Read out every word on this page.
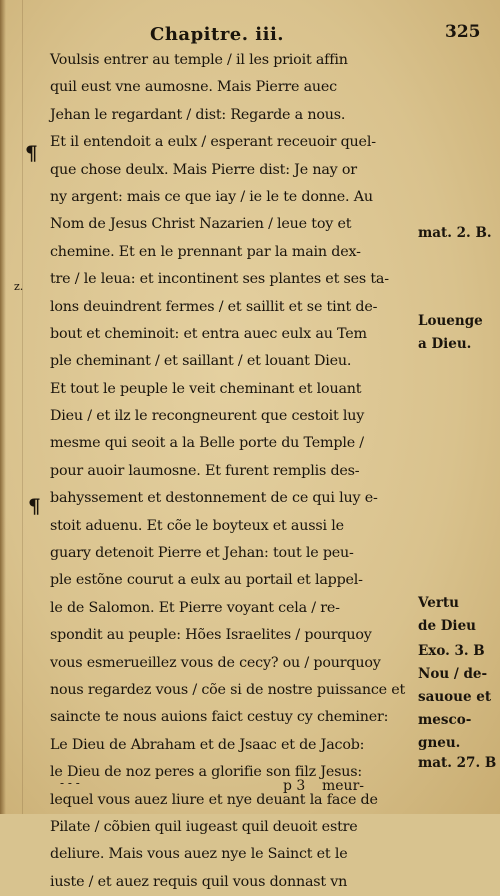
Chapitre. iii.	325
¶
z.
¶
Voulsis entrer au temple / il les prioit affin
quil eust vne aumosne. Mais Pierre auec
Jehan le regardant / dist: Regarde a nous.
Et il entendoit a eulx / esperant receuoir quel-
que chose deulx. Mais Pierre dist: Je nay or
ny argent: mais ce que iay / ie le te donne. Au
Nom de Jesus Christ Nazarien / leue toy et
chemine. Et en le prennant par la main dex-
tre / le leua: et incontinent ses plantes et ses ta-
lons deuindrent fermes / et saillit et se tint de-
bout et cheminoit: et entra auec eulx au Tem
ple cheminant / et saillant / et louant Dieu.
Et tout le peuple le veit cheminant et louant
Dieu / et ilz le recongneurent que cestoit luy
mesme qui seoit a la Belle porte du Temple /
pour auoir laumosne. Et furent remplis des-
bahyssement et destonnement de ce qui luy e-
stoit aduenu. Et cõe le boyteux et aussi le
guary detenoit Pierre et Jehan: tout le peu-
ple estõne courut a eulx au portail et lappel-
le de Salomon. Et Pierre voyant cela / re-
spondit au peuple: Hões Israelites / pourquoy
vous esmerueillez vous de cecy? ou / pourquoy
nous regardez vous / cõe si de nostre puissance et
saincte te nous auions faict cestuy cy cheminer:
Le Dieu de Abraham et de Jsaac et de Jacob:
le Dieu de noz peres a glorifie son filz Jesus:
lequel vous auez liure et nye deuant la face de
Pilate / cõbien quil iugeast quil deuoit estre
deliure. Mais vous auez nye le Sainct et le
iuste / et auez requis quil vous donnast vn
mat. 2. B.
Louenge
a Dieu.
Vertu
de Dieu
Exo. 3. B
Nou / de-
sauoue et
mesco-
gneu.
mat. 27. B
- - -	p 3 meur-
